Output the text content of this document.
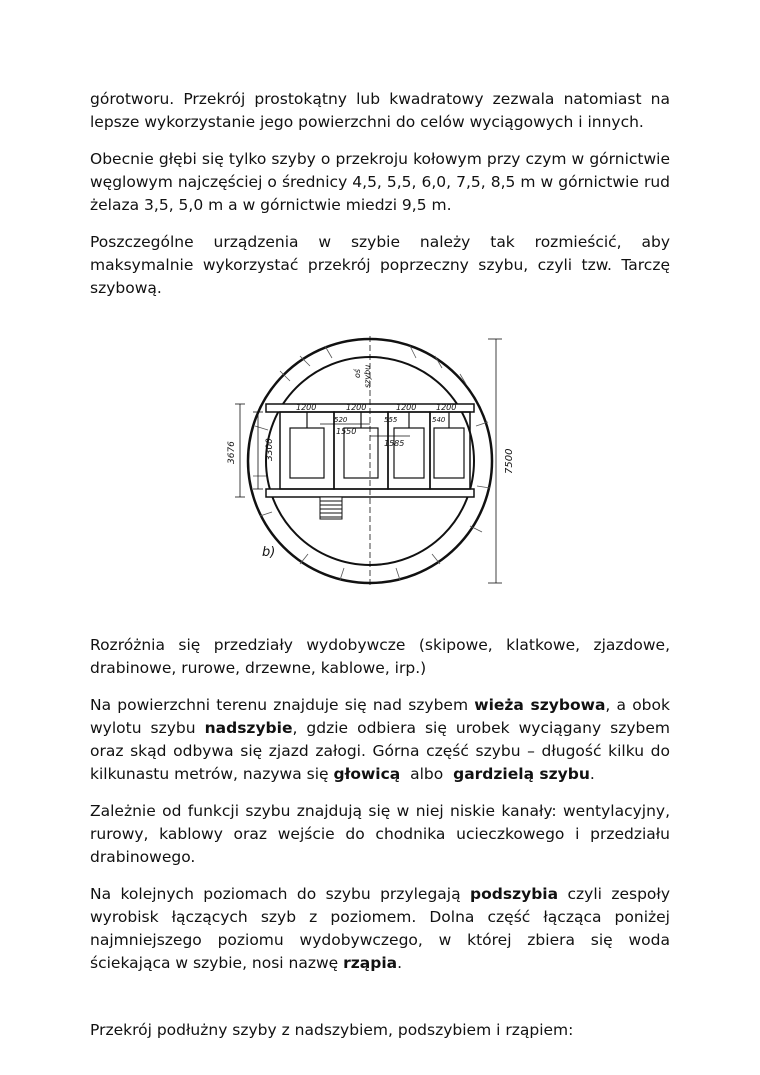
górotworu. Przekrój prostokątny lub kwadratowy zezwala natomiast na lepsze wykorzystanie jego powierzchni do celów wyciągowych i innych.

Obecnie głębi się tylko szyby o przekroju kołowym przy czym w górnictwie węglowym najczęściej o średnicy 4,5, 5,5, 6,0, 7,5, 8,5 m w górnictwie rud żelaza 3,5, 5,0 m a w górnictwie miedzi 9,5 m.

Poszczególne urządzenia w szybie należy tak rozmieścić, aby maksymalnie wykorzystać przekrój poprzeczny szybu, czyli tzw. Tarczę szybową.

oś szybu
7500
3676	3300
1200	1200	1200 1200
520	555	540
1550
1585
b)

Rozróżnia się przedziały wydobywcze (skipowe, klatkowe, zjazdowe, drabinowe, rurowe, drzewne, kablowe, irp.)

Na powierzchni terenu znajduje się nad szybem wieża szybowa, a obok wylotu szybu nadszybie, gdzie odbiera się urobek wyciągany szybem oraz skąd odbywa się zjazd załogi. Górna część szybu – długość kilku do kilkunastu metrów, nazywa się głowicą  albo  gardzielą szybu.

Zależnie od funkcji szybu znajdują się w niej niskie kanały: wentylacyjny, rurowy, kablowy oraz wejście do chodnika ucieczkowego i przedziału drabinowego.

Na kolejnych poziomach do szybu przylegają podszybia czyli zespoły wyrobisk łączących szyb z poziomem. Dolna część łącząca poniżej najmniejszego poziomu wydobywczego, w której zbiera się woda ściekająca w szybie, nosi nazwę rząpia.

Przekrój podłużny szyby z nadszybiem, podszybiem i rząpiem:
